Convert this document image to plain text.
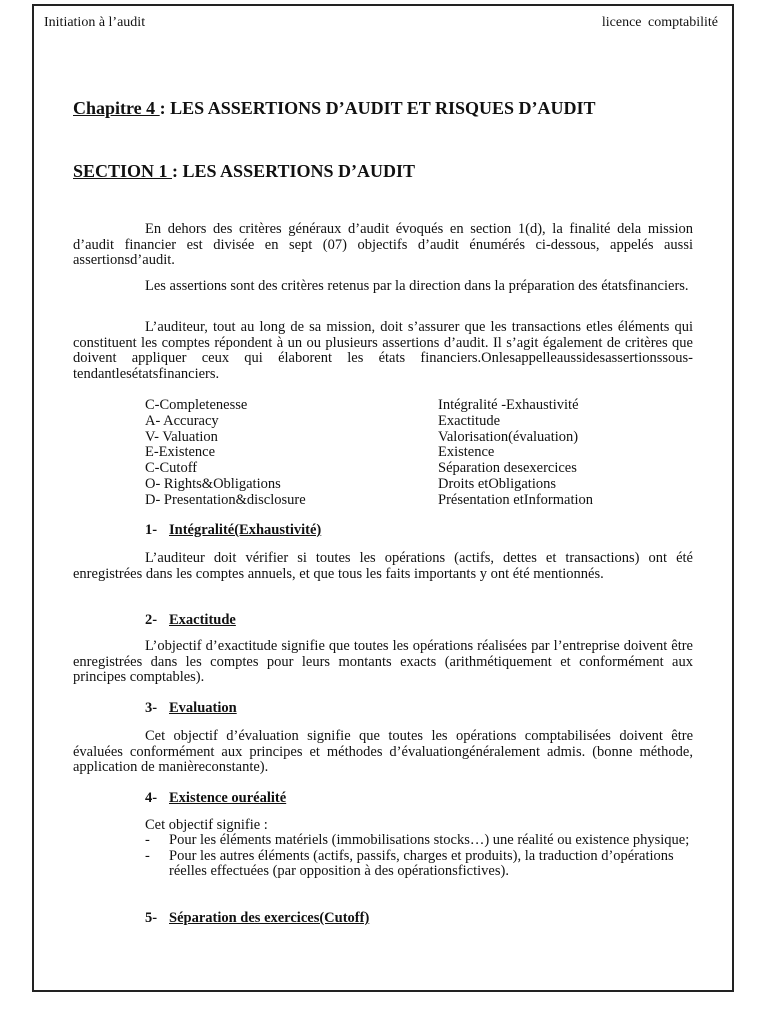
Initiation à l’audit	licence comptabilité
Chapitre 4 : LES ASSERTIONS D’AUDIT ET RISQUES D’AUDIT
SECTION 1 : LES ASSERTIONS D’AUDIT

En dehors des critères généraux d’audit évoqués en section 1(d), la finalité dela mission d’audit financier est divisée en sept (07) objectifs d’audit énumérés ci-dessous, appelés aussi assertionsd’audit.

Les assertions sont des critères retenus par la direction dans la préparation des étatsfinanciers.

L’auditeur, tout au long de sa mission, doit s’assurer que les transactions etles éléments qui constituent les comptes répondent à un ou plusieurs assertions d’audit. Il s’agit également de critères que doivent appliquer ceux qui élaborent les états financiers.Onlesappelleaussidesassertionssous-tendantlesétatsfinanciers.

C-Completenesse	Intégralité -Exhaustivité
A- Accuracy	Exactitude
V- Valuation	Valorisation(évaluation)
E-Existence	Existence
C-Cutoff	Séparation desexercices
O- Rights&Obligations	Droits etObligations
D- Presentation&disclosure	Présentation etInformation
1- Intégralité(Exhaustivité)

L’auditeur doit vérifier si toutes les opérations (actifs, dettes et transactions) ont été enregistrées dans les comptes annuels, et que tous les faits importants y ont été mentionnés.

2- Exactitude

L’objectif d’exactitude signifie que toutes les opérations réalisées par l’entreprise doivent être enregistrées dans les comptes pour leurs montants exacts (arithmétiquement et conformément aux principes comptables).

3- Evaluation

Cet objectif d’évaluation signifie que toutes les opérations comptabilisées doivent être évaluées conformément aux principes et méthodes d’évaluationgénéralement admis. (bonne méthode, application de manièreconstante).

4- Existence ouréalité
Cet objectif signifie :
- Pour les éléments matériels (immobilisations stocks…) une réalité ou existence physique;
- Pour les autres éléments (actifs, passifs, charges et produits), la traduction d’opérations réelles effectuées (par opposition à des opérationsfictives).
5- Séparation des exercices(Cutoff)
